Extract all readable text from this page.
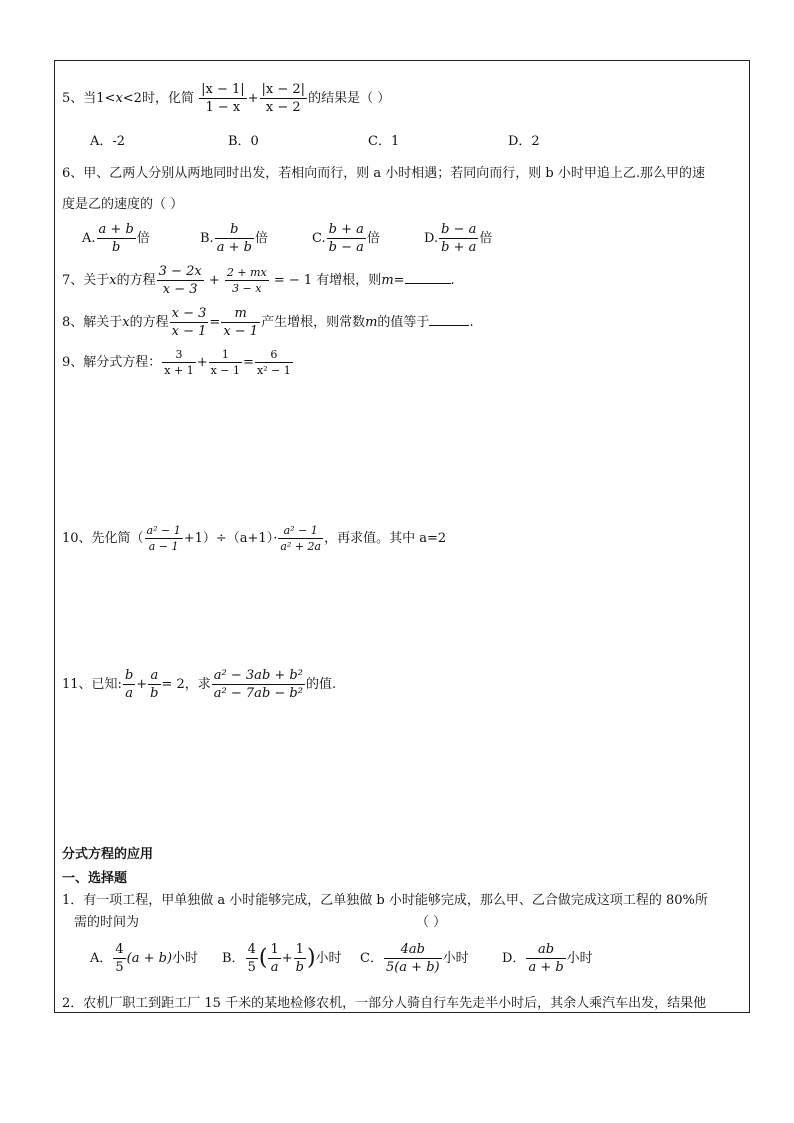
5、当1<x<2时，化简 $\frac{|x - 1|}{1 - x} + \frac{|x - 2|}{x - 2}$ 的结果是（ ）
A．-2	B．0	C．1	D．2
6、甲、乙两人分别从两地同时出发，若相向而行，则 a 小时相遇；若同向而行，则 b 小时甲追上乙.那么甲的速
度是乙的速度的（ ）
A. $\frac{a + b}{b}$ 倍	B. $\frac{b}{a + b}$ 倍	C. $\frac{b + a}{b - a}$ 倍	D. $\frac{b - a}{b + a}$ 倍
7、关于x的方程 $\frac{3 - 2x}{x - 3} + \frac{2 + mx}{3 - x}$ = − 1 有增根，则m=	.
8、解关于x的方程 $\frac{x - 3}{x - 1} = \frac{m}{x - 1}$ 产生增根，则常数m的值等于	.
9、解分式方程： $\frac{3}{x + 1} + \frac{1}{x - 1} = \frac{6}{\text{x² − 1}}$
10、先化简（ $\frac{\text{a² − 1}}{a - 1} +1)\div(a+1)\cdot \frac{\text{a² − 1}}{\text{a² + 2a}}$ ，再求值。其中 a=2
11、已知: $\frac{b}{a} + \frac{a}{b} = 2$，求 $\frac{\text{a² − 3ab + b²}}{\text{a² − 7ab − b²}}$ 的值.
分式方程的应用
一、选择题
1．有一项工程，甲单独做 a 小时能够完成，乙单独做 b 小时能够完成，那么甲、乙合做完成这项工程的 80%所
需的时间为	（ ）
A． $\frac{4}{5} (a + b)$小时 B． $\frac{4}{5}$ ( $\frac{1}{a} + \frac{1}{b}$ )小时 C． $\frac{4ab}{5(a + b)}$ 小时	D． $\frac{ab}{a + b}$ 小时
2．农机厂职工到距工厂 15 千米的某地检修农机，一部分人骑自行车先走半小时后，其余人乘汽车出发，结果他
